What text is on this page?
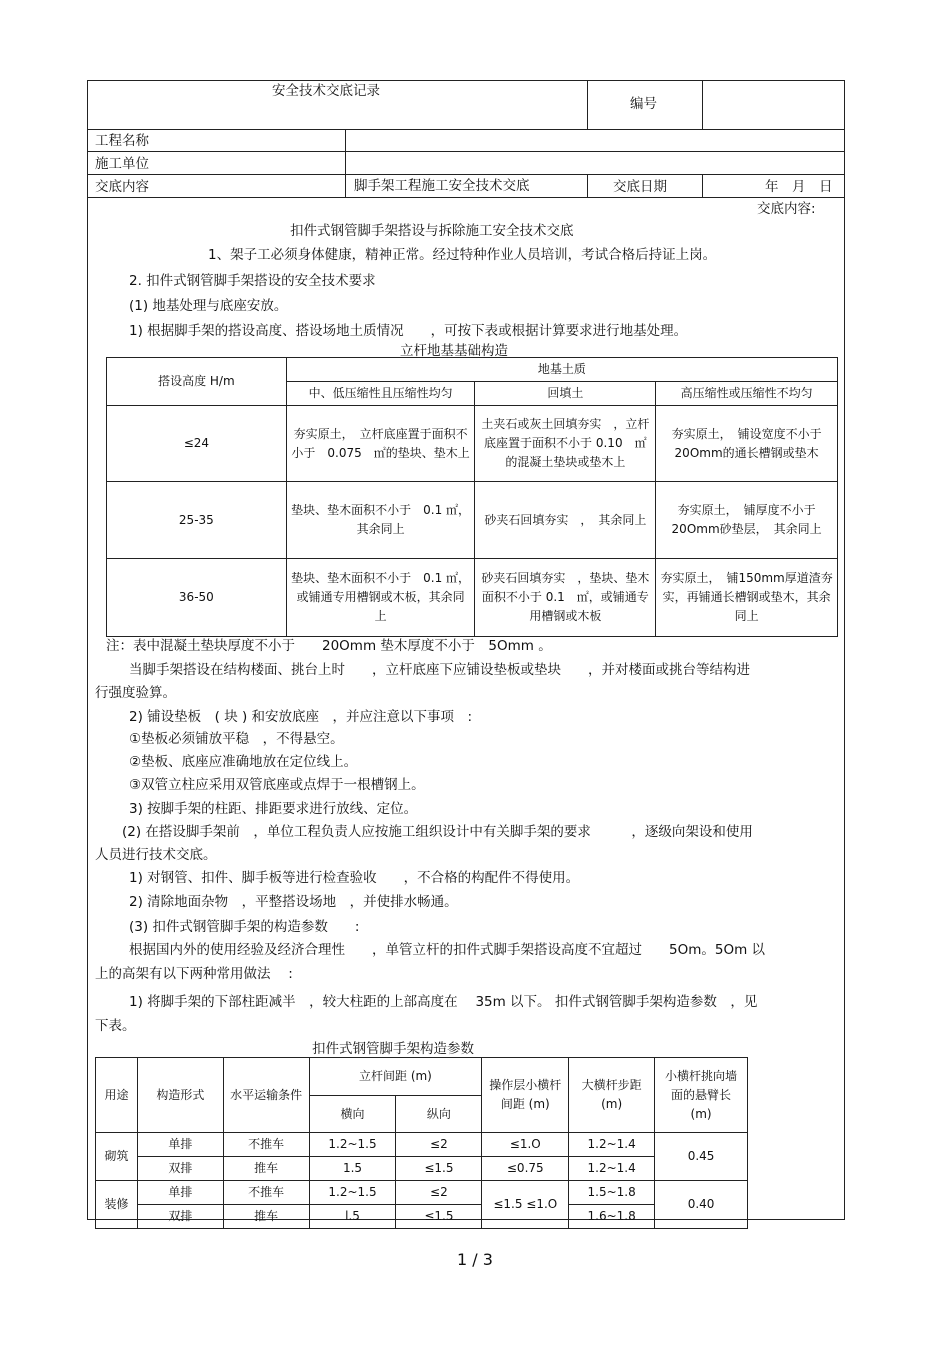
安全技术交底记录
编号
工程名称
施工单位
交底内容	脚手架工程施工安全技术交底	交底日期	年　月　日
交底内容:
扣件式钢管脚手架搭设与拆除施工安全技术交底
1、架子工必须身体健康，精神正常。经过特种作业人员培训，考试合格后持证上岗。
2. 扣件式钢管脚手架搭设的安全技术要求
(1) 地基处理与底座安放。
1) 根据脚手架的搭设高度、搭设场地土质情况　　，可按下表或根据计算要求进行地基处理。
立杆地基基础构造
搭设高度 H/m	地基土质		
	中、低压缩性且压缩性均匀	回填土	高压缩性或压缩性不均匀
≤24	夯实原土，　立杆底座置于面积不小于　0.075　㎡的垫块、垫木上	土夹石或灰土回填夯实　，立杆底座置于面积不小于 0.10　㎡的混凝土垫块或垫木上	夯实原土，　铺设宽度不小于 20Omm的通长槽钢或垫木
25-35	垫块、垫木面积不小于　0.1 ㎡，其余同上	砂夹石回填夯实　，　其余同上	夯实原土，　铺厚度不小于 20Omm砂垫层，　其余同上
36-50	垫块、垫木面积不小于　0.1 ㎡，或铺通专用槽钢或木板，其余同上	砂夹石回填夯实　，垫块、垫木面积不小于 0.1　㎡，或铺通专用槽钢或木板	夯实原土，　铺150mm厚道渣夯实，再铺通长槽钢或垫木，其余同上
注：表中混凝土垫块厚度不小于　　20Omm 垫木厚度不小于　5Omm 。
当脚手架搭设在结构楼面、挑台上时　　，立杆底座下应铺设垫板或垫块　　，并对楼面或挑台等结构进
行强度验算。
2) 铺设垫板　( 块 ) 和安放底座　，并应注意以下事项　:
①垫板必须铺放平稳　，不得悬空。
②垫板、底座应准确地放在定位线上。
③双管立柱应采用双管底座或点焊于一根槽钢上。
3) 按脚手架的柱距、排距要求进行放线、定位。
(2) 在搭设脚手架前　，单位工程负责人应按施工组织设计中有关脚手架的要求　　　，逐级向架设和使用
人员进行技术交底。
1) 对钢管、扣件、脚手板等进行检查验收　　，不合格的构配件不得使用。
2) 清除地面杂物　，平整搭设场地　，并使排水畅通。
(3) 扣件式钢管脚手架的构造参数　　:
根据国内外的使用经验及经济合理性　　，单管立杆的扣件式脚手架搭设高度不宜超过　　5Om。5Om 以
上的高架有以下两种常用做法　 :
1) 将脚手架的下部柱距减半　，较大柱距的上部高度在　 35m 以下。 扣件式钢管脚手架构造参数　，见
下表。
扣件式钢管脚手架构造参数
用途	构造形式	水平运输条件	立杆间距 (m)		操作层小横杆间距 (m)	大横杆步距 (m)	小横杆挑向墙面的悬臂长 (m)
			横向	纵向			
砌筑	单排	不推车	1.2~1.5	≤2	≤1.O	1.2~1.4	0.45
	双排	推车	1.5	≤1.5	≤0.75	1.2~1.4	
装修	单排	不推车	1.2~1.5	≤2	≤1.5 ≤1.O	1.5~1.8	0.40
	双排	推车	l.5	≤1.5		1.6~1.8	
1 / 3
